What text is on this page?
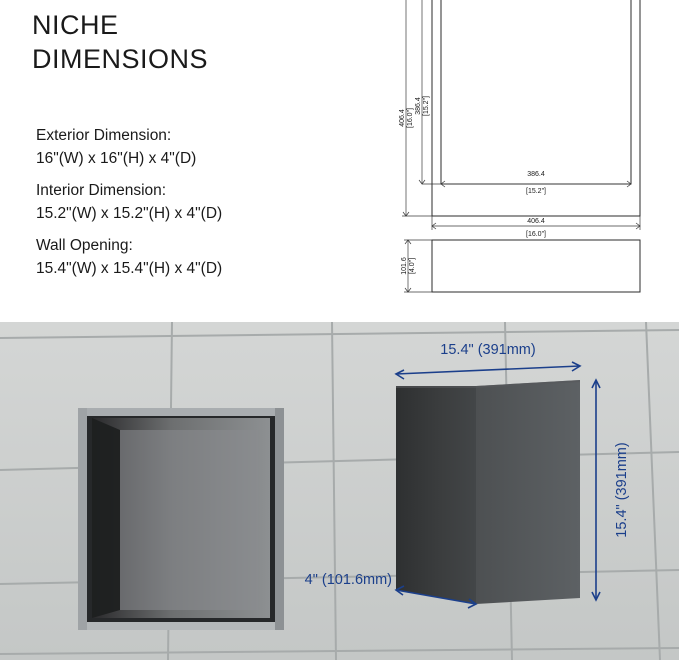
NICHE
DIMENSIONS
Exterior Dimension:
16"(W) x 16"(H) x 4"(D)
Interior Dimension:
15.2"(W) x 15.2"(H) x 4"(D)
Wall Opening:
15.4"(W) x 15.4"(H) x 4"(D)
406.4 [16.0"]
386.4 [15.2"]
386.4
[15.2"]
406.4
[16.0"]
101.6 [4.0"]
15.4" (391mm)
15.4" (391mm)
4" (101.6mm)
